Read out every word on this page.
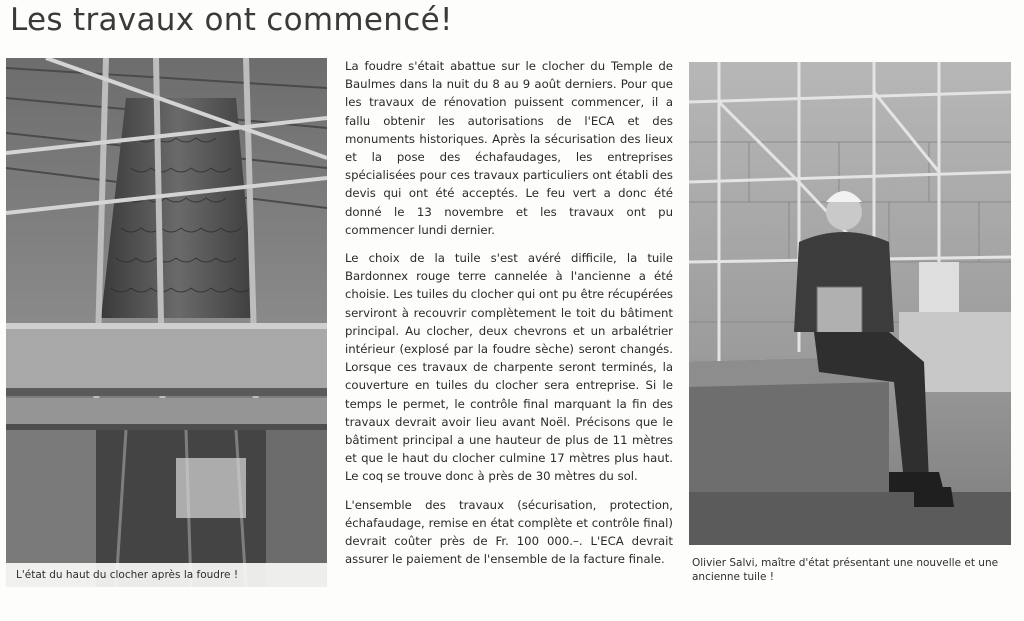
Les travaux ont commencé!
L'état du haut du clocher après la foudre !

La foudre s'était abattue sur le clocher du Temple de Baulmes dans la nuit du 8 au 9 août derniers. Pour que les travaux de rénovation puissent commencer, il a fallu obtenir les autorisations de l'ECA et des monuments historiques. Après la sécurisation des lieux et la pose des échafaudages, les entreprises spécialisées pour ces travaux particuliers ont établi des devis qui ont été acceptés. Le feu vert a donc été donné le 13 novembre et les travaux ont pu commencer lundi dernier.

Le choix de la tuile s'est avéré difficile, la tuile Bardonnex rouge terre cannelée à l'ancienne a été choisie. Les tuiles du clocher qui ont pu être récupérées serviront à recouvrir complètement le toit du bâtiment principal. Au clocher, deux chevrons et un arbalétrier intérieur (explosé par la foudre sèche) seront changés. Lorsque ces travaux de charpente seront terminés, la couverture en tuiles du clocher sera entreprise. Si le temps le permet, le contrôle final marquant la fin des travaux devrait avoir lieu avant Noël. Précisons que le bâtiment principal a une hauteur de plus de 11 mètres et que le haut du clocher culmine 17 mètres plus haut. Le coq se trouve donc à près de 30 mètres du sol.

L'ensemble des travaux (sécurisation, protection, échafaudage, remise en état complète et contrôle final) devrait coûter près de Fr. 100 000.–. L'ECA devrait assurer le paiement de l'ensemble de la facture finale.	Olivier Salvi, maître d'état présentant une nouvelle et une ancienne tuile !
